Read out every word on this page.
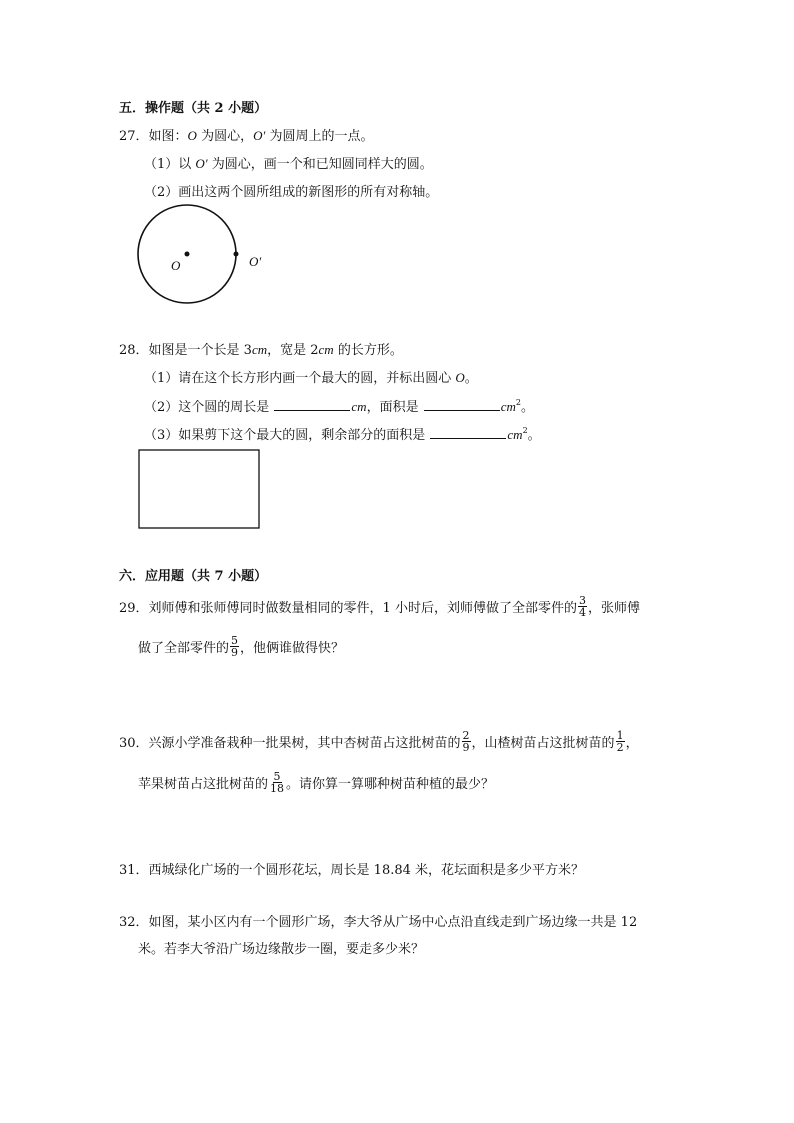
五．操作题（共 2 小题）
27．如图：O 为圆心，O′ 为圆周上的一点。
（1）以 O′ 为圆心，画一个和已知圆同样大的圆。
（2）画出这两个圆所组成的新图形的所有对称轴。
O	O′
28．如图是一个长是 3cm，宽是 2cm 的长方形。
（1）请在这个长方形内画一个最大的圆，并标出圆心 O。
（2）这个圆的周长是	cm，面积是	$cm^2$。
（3）如果剪下这个最大的圆，剩余部分的面积是	$cm^2$。
六．应用题（共 7 小题）
29．刘师傅和张师傅同时做数量相同的零件，1 小时后，刘师傅做了全部零件的 $\frac{3}{4}$ ，张师傅
做了全部零件的 $\frac{5}{9}$ ，他俩谁做得快？
30．兴源小学准备栽种一批果树，其中杏树苗占这批树苗的 $\frac{2}{9}$ ，山楂树苗占这批树苗的 $\frac{1}{2}$ ，
苹果树苗占这批树苗的 $\frac{5}{18}$ 。请你算一算哪种树苗种植的最少？
31．西城绿化广场的一个圆形花坛，周长是 18.84 米，花坛面积是多少平方米？
32．如图，某小区内有一个圆形广场，李大爷从广场中心点沿直线走到广场边缘一共是 12
米。若李大爷沿广场边缘散步一圈，要走多少米？
